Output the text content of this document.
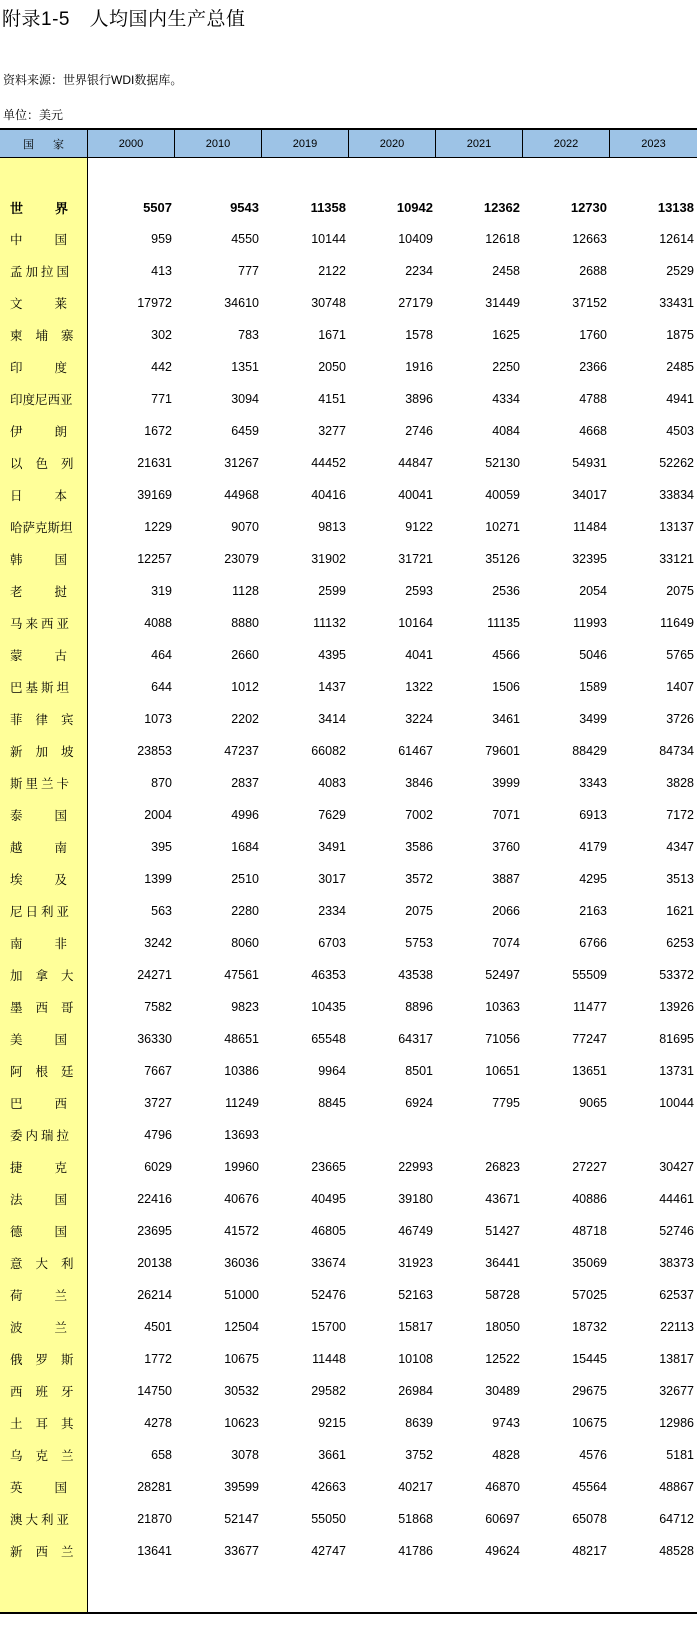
附录1-5　人均国内生产总值
资料来源：世界银行WDI数据库。
单位：美元
国 家	2000	2010	2019	2020	2021	2022	2023
世界	5507	9543	11358	10942	12362	12730	13138
中国	959	4550	10144	10409	12618	12663	12614
孟加拉国	413	777	2122	2234	2458	2688	2529
文莱	17972	34610	30748	27179	31449	37152	33431
柬埔寨	302	783	1671	1578	1625	1760	1875
印度	442	1351	2050	1916	2250	2366	2485
印度尼西亚	771	3094	4151	3896	4334	4788	4941
伊朗	1672	6459	3277	2746	4084	4668	4503
以色列	21631	31267	44452	44847	52130	54931	52262
日本	39169	44968	40416	40041	40059	34017	33834
哈萨克斯坦	1229	9070	9813	9122	10271	11484	13137
韩国	12257	23079	31902	31721	35126	32395	33121
老挝	319	1128	2599	2593	2536	2054	2075
马来西亚	4088	8880	11132	10164	11135	11993	11649
蒙古	464	2660	4395	4041	4566	5046	5765
巴基斯坦	644	1012	1437	1322	1506	1589	1407
菲律宾	1073	2202	3414	3224	3461	3499	3726
新加坡	23853	47237	66082	61467	79601	88429	84734
斯里兰卡	870	2837	4083	3846	3999	3343	3828
泰国	2004	4996	7629	7002	7071	6913	7172
越南	395	1684	3491	3586	3760	4179	4347
埃及	1399	2510	3017	3572	3887	4295	3513
尼日利亚	563	2280	2334	2075	2066	2163	1621
南非	3242	8060	6703	5753	7074	6766	6253
加拿大	24271	47561	46353	43538	52497	55509	53372
墨西哥	7582	9823	10435	8896	10363	11477	13926
美国	36330	48651	65548	64317	71056	77247	81695
阿根廷	7667	10386	9964	8501	10651	13651	13731
巴西	3727	11249	8845	6924	7795	9065	10044
委内瑞拉	4796	13693
捷克	6029	19960	23665	22993	26823	27227	30427
法国	22416	40676	40495	39180	43671	40886	44461
德国	23695	41572	46805	46749	51427	48718	52746
意大利	20138	36036	33674	31923	36441	35069	38373
荷兰	26214	51000	52476	52163	58728	57025	62537
波兰	4501	12504	15700	15817	18050	18732	22113
俄罗斯	1772	10675	11448	10108	12522	15445	13817
西班牙	14750	30532	29582	26984	30489	29675	32677
土耳其	4278	10623	9215	8639	9743	10675	12986
乌克兰	658	3078	3661	3752	4828	4576	5181
英国	28281	39599	42663	40217	46870	45564	48867
澳大利亚	21870	52147	55050	51868	60697	65078	64712
新西兰	13641	33677	42747	41786	49624	48217	48528
